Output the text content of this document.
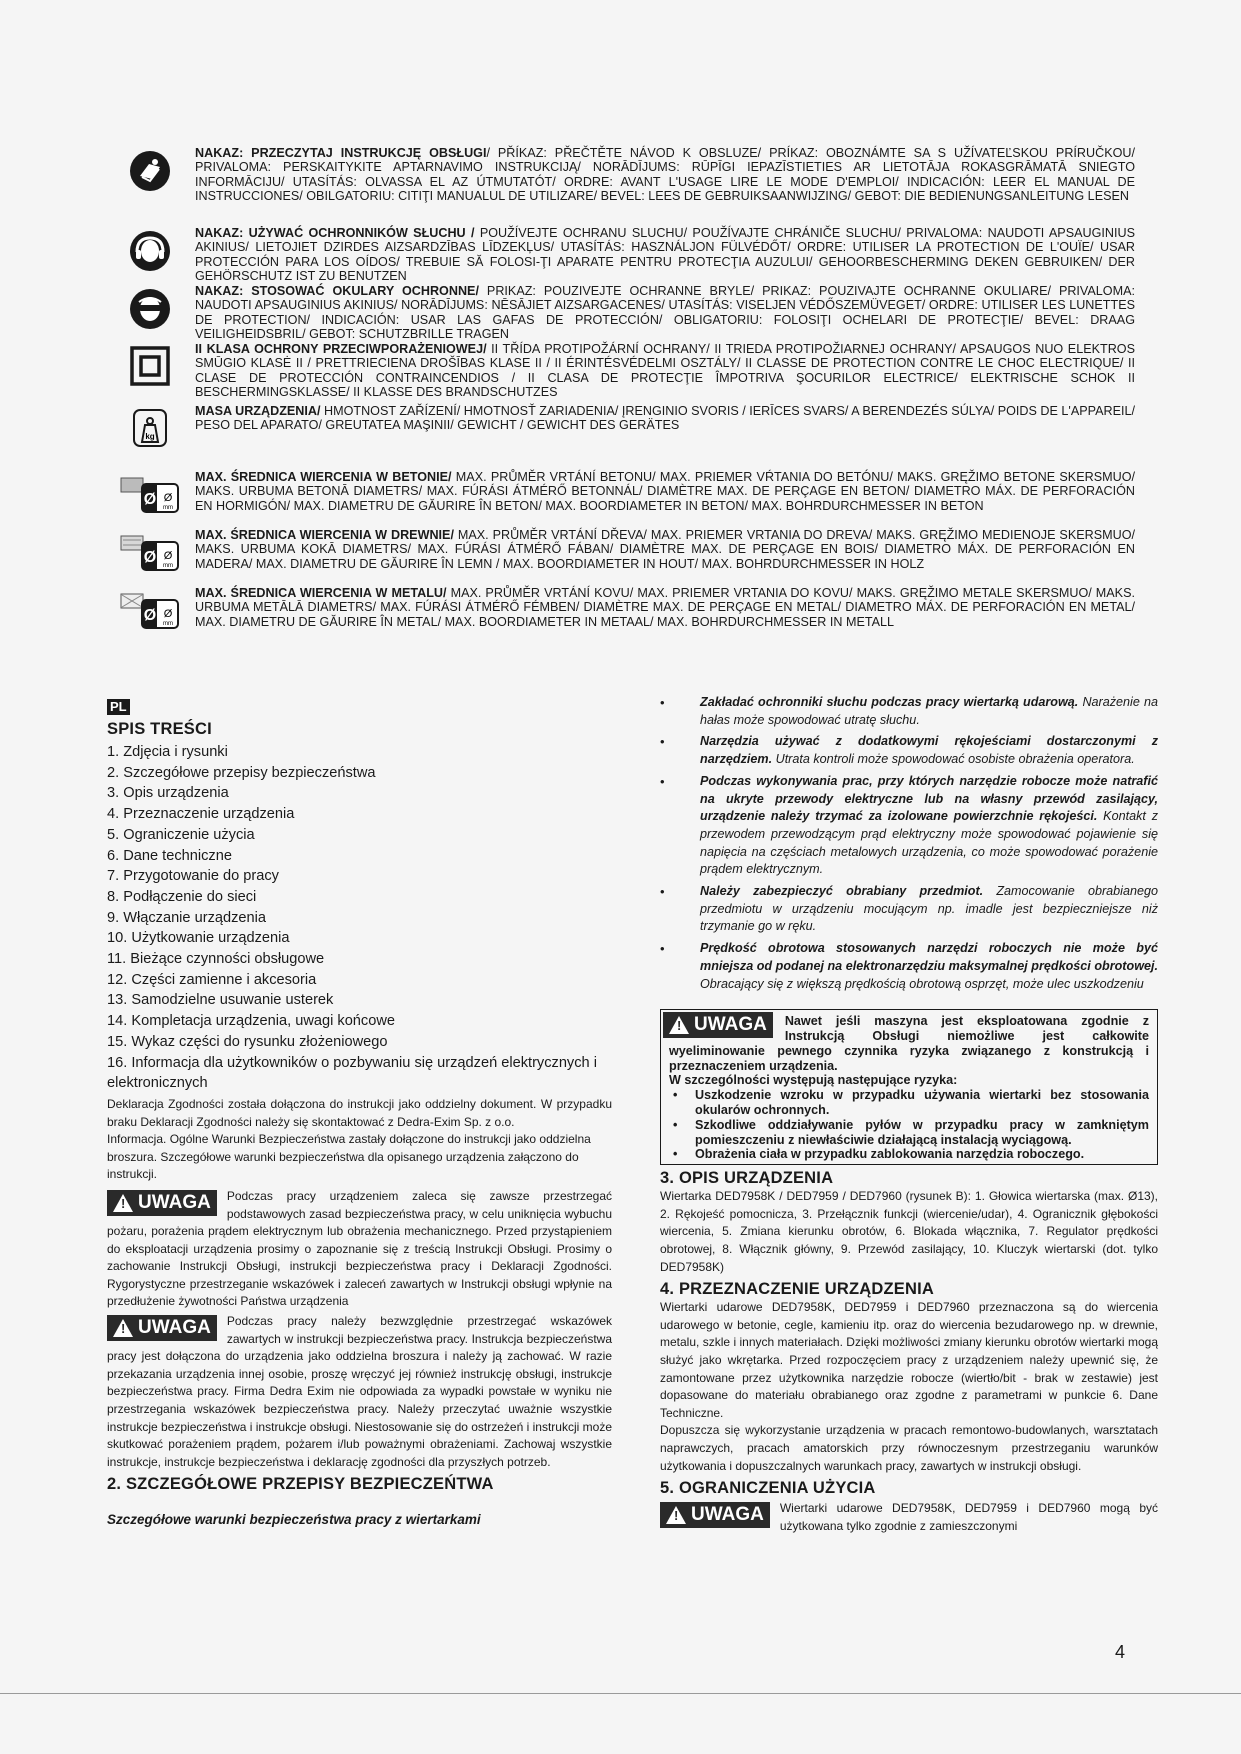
NAKAZ: PRZECZYTAJ INSTRUKCJĘ OBSŁUGI/ PŘÍKAZ: PŘEČTĚTE NÁVOD K OBSLUZE/ PRÍKAZ: OBOZNÁMTE SA S UŽÍVATEĽSKOU PRÍRUČKOU/ PRIVALOMA: PERSKAITYKITE APTARNAVIMO INSTRUKCIJĄ/ NORĀDĪJUMS: RŪPĪGI IEPAZĪSTIETIES AR LIETOTĀJA ROKASGRĀMATĀ SNIEGTO INFORMĀCIJU/ UTASÍTÁS: OLVASSA EL AZ ÚTMUTATÓT/ ORDRE: AVANT L'USAGE LIRE LE MODE D'EMPLOI/ INDICACIÓN: LEER EL MANUAL DE INSTRUCCIONES/ OBILGATORIU: CITIŢI MANUALUL DE UTILIZARE/ BEVEL: LEES DE GEBRUIKSAANWIJZING/ GEBOT: DIE BEDIENUNGSANLEITUNG LESEN
NAKAZ: UŻYWAĆ OCHRONNIKÓW SŁUCHU / POUŽÍVEJTE OCHRANU SLUCHU/ POUŽÍVAJTE CHRÁNIČE SLUCHU/ PRIVALOMA: NAUDOTI APSAUGINIUS AKINIUS/ LIETOJIET DZIRDES AIZSARDZĪBAS LĪDZEKĻUS/ UTASÍTÁS: HASZNÁLJON FÜLVÉDŐT/ ORDRE: UTILISER LA PROTECTION DE L'OUÏE/ USAR PROTECCIÓN PARA LOS OÍDOS/ TREBUIE SĂ FOLOSI-ŢI APARATE PENTRU PROTECŢIA AUZULUI/ GEHOORBESCHERMING DEKEN GEBRUIKEN/ DER GEHÖRSCHUTZ IST ZU BENUTZEN
NAKAZ: STOSOWAĆ OKULARY OCHRONNE/ PRIKAZ: POUZIVEJTE OCHRANNE BRYLE/ PRIKAZ: POUZIVAJTE OCHRANNE OKULIARE/ PRIVALOMA: NAUDOTI APSAUGINIUS AKINIUS/ NORĀDĪJUMS: NĒSĀJIET AIZSARGACENES/ UTASÍTÁS: VISELJEN VÉDŐSZEMÜVEGET/ ORDRE: UTILISER LES LUNETTES DE PROTECTION/ INDICACIÓN: USAR LAS GAFAS DE PROTECCIÓN/ OBLIGATORIU: FOLOSIŢI OCHELARI DE PROTECŢIE/ BEVEL: DRAAG VEILIGHEIDSBRIL/ GEBOT: SCHUTZBRILLE TRAGEN
II KLASA OCHRONY PRZECIWPORAŻENIOWEJ/ II TŘÍDA PROTIPOŽÁRNÍ OCHRANY/ II TRIEDA PROTIPOŽIARNEJ OCHRANY/ APSAUGOS NUO ELEKTROS SMŪGIO KLASĖ II / PRETTRIECIENA DROŠĪBAS KLASE II / II ÉRINTÉSVÉDELMI OSZTÁLY/ II CLASSE DE PROTECTION CONTRE LE CHOC ELECTRIQUE/ II CLASE DE PROTECCIÓN CONTRAINCENDIOS / II CLASA DE PROTECŢIE ÎMPOTRIVA ŞOCURILOR ELECTRICE/ ELEKTRISCHE SCHOK II BESCHERMINGSKLASSE/ II KLASSE DES BRANDSCHUTZES
kg
MASA URZĄDZENIA/ HMOTNOST ZAŘÍZENÍ/ HMOTNOSŤ ZARIADENIA/ ĮRENGINIO SVORIS / IERĪCES SVARS/ A BERENDEZÉS SÚLYA/ POIDS DE L'APPAREIL/ PESO DEL APARATO/ GREUTATEA MAŞINII/ GEWICHT / GEWICHT DES GERÄTES
Ø Ø
mm
MAX. ŚREDNICA WIERCENIA W BETONIE/ MAX. PRŮMĚR VRTÁNÍ BETONU/ MAX. PRIEMER VŔTANIA DO BETÓNU/ MAKS. GRĘŽIMO BETONE SKERSMUO/ MAKS. URBUMA BETONĀ DIAMETRS/ MAX. FÚRÁSI ÁTMÉRŐ BETONNÁL/ DIAMÈTRE MAX. DE PERÇAGE EN BETON/ DIAMETRO MÁX. DE PERFORACIÓN EN HORMIGÓN/ MAX. DIAMETRU DE GĂURIRE ÎN BETON/ MAX. BOORDIAMETER IN BETON/ MAX. BOHRDURCHMESSER IN BETON
Ø Ø
mm
MAX. ŚREDNICA WIERCENIA W DREWNIE/ MAX. PRŮMĚR VRTÁNÍ DŘEVA/ MAX. PRIEMER VRTANIA DO DREVA/ MAKS. GRĘŽIMO MEDIENOJE SKERSMUO/ MAKS. URBUMA KOKĀ DIAMETRS/ MAX. FÚRÁSI ÁTMÉRŐ FÁBAN/ DIAMÈTRE MAX. DE PERÇAGE EN BOIS/ DIAMETRO MÁX. DE PERFORACIÓN EN MADERA/ MAX. DIAMETRU DE GĂURIRE ÎN LEMN / MAX. BOORDIAMETER IN HOUT/ MAX. BOHRDURCHMESSER IN HOLZ
Ø Ø
mm
MAX. ŚREDNICA WIERCENIA W METALU/ MAX. PRŮMĚR VRTÁNÍ KOVU/ MAX. PRIEMER VRTANIA DO KOVU/ MAKS. GRĘŽIMO METALE SKERSMUO/ MAKS. URBUMA METĀLĀ DIAMETRS/ MAX. FÚRÁSI ÁTMÉRŐ FÉMBEN/ DIAMÈTRE MAX. DE PERÇAGE EN METAL/ DIAMETRO MÁX. DE PERFORACIÓN EN METAL/ MAX. DIAMETRU DE GĂURIRE ÎN METAL/ MAX. BOORDIAMETER IN METAAL/ MAX. BOHRDURCHMESSER IN METALL
PL
SPIS TREŚCI
1. Zdjęcia i rysunki
2. Szczegółowe przepisy bezpieczeństwa
3. Opis urządzenia
4. Przeznaczenie urządzenia
5. Ograniczenie użycia
6. Dane techniczne
7. Przygotowanie do pracy
8. Podłączenie do sieci
9. Włączanie urządzenia
10. Użytkowanie urządzenia
11. Bieżące czynności obsługowe
12. Części zamienne i akcesoria
13. Samodzielne usuwanie usterek
14. Kompletacja urządzenia, uwagi końcowe
15. Wykaz części do rysunku złożeniowego
16. Informacja dla użytkowników o pozbywaniu się urządzeń elektrycznych i elektronicznych

Deklaracja Zgodności została dołączona do instrukcji jako oddzielny dokument. W przypadku braku Deklaracji Zgodności należy się skontaktować z Dedra-Exim Sp. z o.o.

Informacja. Ogólne Warunki Bezpieczeństwa zastały dołączone do instrukcji jako oddzielna broszura. Szczegółowe warunki bezpieczeństwa dla opisanego urządzenia załączono do instrukcji.

!
UWAGA Podczas pracy urządzeniem zaleca się zawsze przestrzegać podstawowych zasad bezpieczeństwa pracy, w celu uniknięcia wybuchu pożaru, porażenia prądem elektrycznym lub obrażenia mechanicznego. Przed przystąpieniem do eksploatacji urządzenia prosimy o zapoznanie się z treścią Instrukcji Obsługi. Prosimy o zachowanie Instrukcji Obsługi, instrukcji bezpieczeństwa pracy i Deklaracji Zgodności. Rygorystyczne przestrzeganie wskazówek i zaleceń zawartych w Instrukcji obsługi wpłynie na przedłużenie żywotności Państwa urządzenia
!
UWAGA Podczas pracy należy bezwzględnie przestrzegać wskazówek zawartych w instrukcji bezpieczeństwa pracy. Instrukcja bezpieczeństwa pracy jest dołączona do urządzenia jako oddzielna broszura i należy ją zachować. W razie przekazania urządzenia innej osobie, proszę wręczyć jej również instrukcję obsługi, instrukcje bezpieczeństwa pracy. Firma Dedra Exim nie odpowiada za wypadki powstałe w wyniku nie przestrzegania wskazówek bezpieczeństwa pracy. Należy przeczytać uważnie wszystkie instrukcje bezpieczeństwa i instrukcje obsługi. Niestosowanie się do ostrzeżeń i instrukcji może skutkować porażeniem prądem, pożarem i/lub poważnymi obrażeniami. Zachowaj wszystkie instrukcje, instrukcje bezpieczeństwa i deklarację zgodności dla przyszłych potrzeb.
2. SZCZEGÓŁOWE PRZEPISY BEZPIECZEŃTWA
Szczegółowe warunki bezpieczeństwa pracy z wiertarkami
• Zakładać ochronniki słuchu podczas pracy wiertarką udarową. Narażenie na hałas może spowodować utratę słuchu.
• Narzędzia używać z dodatkowymi rękojeściami dostarczonymi z narzędziem. Utrata kontroli może spowodować osobiste obrażenia operatora.
• Podczas wykonywania prac, przy których narzędzie robocze może natrafić na ukryte przewody elektryczne lub na własny przewód zasilający, urządzenie należy trzymać za izolowane powierzchnie rękojeści. Kontakt z przewodem przewodzącym prąd elektryczny może spowodować pojawienie się napięcia na częściach metalowych urządzenia, co może spowodować porażenie prądem elektrycznym.
• Należy zabezpieczyć obrabiany przedmiot. Zamocowanie obrabianego przedmiotu w urządzeniu mocującym np. imadle jest bezpieczniejsze niż trzymanie go w ręku.
• Prędkość obrotowa stosowanych narzędzi roboczych nie może być mniejsza od podanej na elektronarzędziu maksymalnej prędkości obrotowej. Obracający się z większą prędkością obrotową osprzęt, może ulec uszkodzeniu
!
UWAGA Nawet jeśli maszyna jest eksploatowana zgodnie z Instrukcją Obsługi niemożliwe jest całkowite wyeliminowanie pewnego czynnika ryzyka związanego z konstrukcją i przeznaczeniem urządzenia.
W szczególności występują następujące ryzyka:
• Uszkodzenie wzroku w przypadku używania wiertarki bez stosowania okularów ochronnych.
• Szkodliwe oddziaływanie pyłów w przypadku pracy w zamkniętym pomieszczeniu z niewłaściwie działającą instalacją wyciągową.
• Obrażenia ciała w przypadku zablokowania narzędzia roboczego.
3. OPIS URZĄDZENIA

Wiertarka DED7958K / DED7959 / DED7960 (rysunek B): 1. Głowica wiertarska (max. Ø13), 2. Rękojeść pomocnicza, 3. Przełącznik funkcji (wiercenie/udar), 4. Ogranicznik głębokości wiercenia, 5. Zmiana kierunku obrotów, 6. Blokada włącznika, 7. Regulator prędkości obrotowej, 8. Włącznik główny, 9. Przewód zasilający, 10. Kluczyk wiertarski (dot. tylko DED7958K)

4. PRZEZNACZENIE URZĄDZENIA

Wiertarki udarowe DED7958K, DED7959 i DED7960 przeznaczona są do wiercenia udarowego w betonie, cegle, kamieniu itp. oraz do wiercenia bezudarowego np. w drewnie, metalu, szkle i innych materiałach. Dzięki możliwości zmiany kierunku obrotów wiertarki mogą służyć jako wkrętarka. Przed rozpoczęciem pracy z urządzeniem należy upewnić się, że zamontowane przez użytkownika narzędzie robocze (wiertło/bit - brak w zestawie) jest dopasowane do materiału obrabianego oraz zgodne z parametrami w punkcie 6. Dane Techniczne.

Dopuszcza się wykorzystanie urządzenia w pracach remontowo-budowlanych, warsztatach naprawczych, pracach amatorskich przy równoczesnym przestrzeganiu warunków użytkowania i dopuszczalnych warunkach pracy, zawartych w instrukcji obsługi.

5. OGRANICZENIA UŻYCIA
!
UWAGA Wiertarki udarowe DED7958K, DED7959 i DED7960 mogą być użytkowana tylko zgodnie z zamieszczonymi
4
